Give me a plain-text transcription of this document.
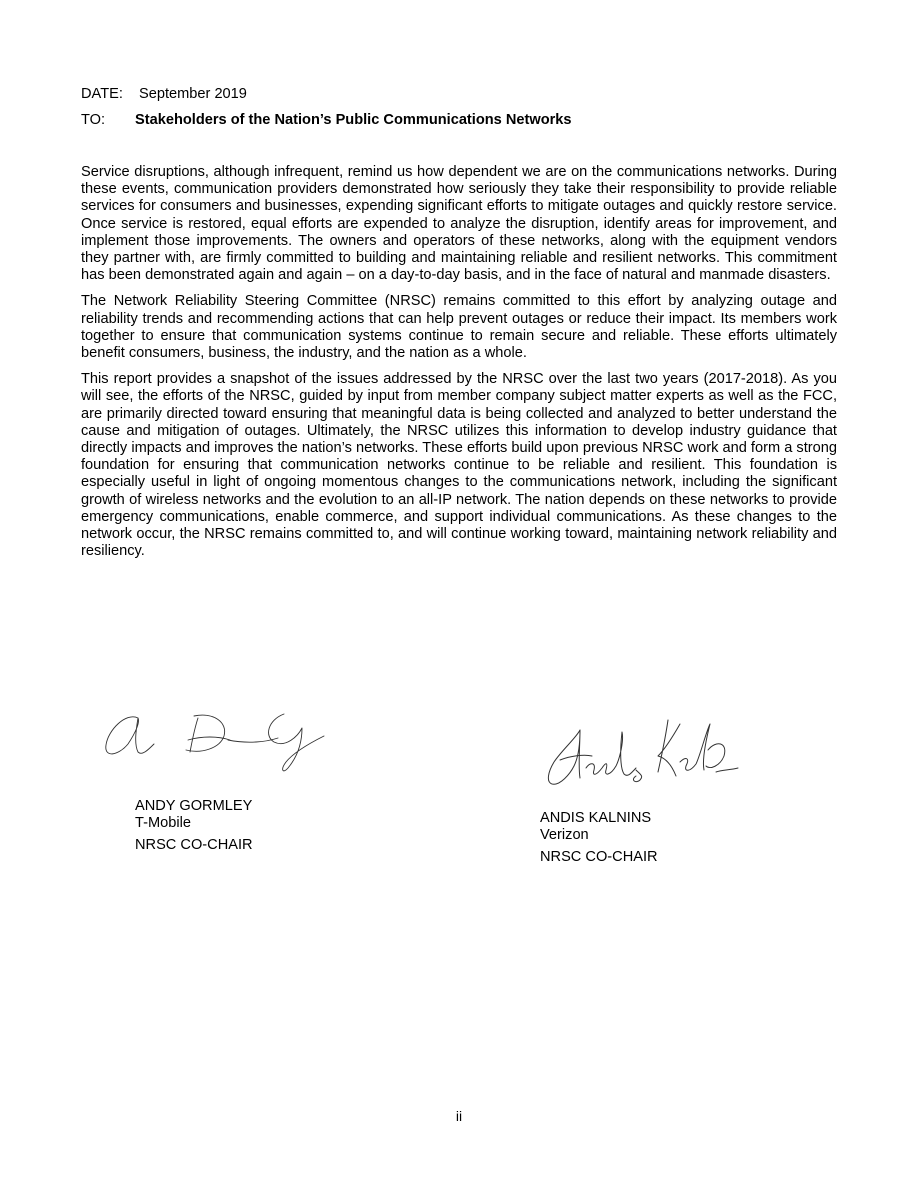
DATE: September 2019
TO: Stakeholders of the Nation’s Public Communications Networks

Service disruptions, although infrequent, remind us how dependent we are on the communications networks. During these events, communication providers demonstrated how seriously they take their responsibility to provide reliable services for consumers and businesses, expending significant efforts to mitigate outages and quickly restore service. Once service is restored, equal efforts are expended to analyze the disruption, identify areas for improvement, and implement those improvements. The owners and operators of these networks, along with the equipment vendors they partner with, are firmly committed to building and maintaining reliable and resilient networks. This commitment has been demonstrated again and again – on a day-to-day basis, and in the face of natural and manmade disasters.

The Network Reliability Steering Committee (NRSC) remains committed to this effort by analyzing outage and reliability trends and recommending actions that can help prevent outages or reduce their impact. Its members work together to ensure that communication systems continue to remain secure and reliable. These efforts ultimately benefit consumers, business, the industry, and the nation as a whole.

This report provides a snapshot of the issues addressed by the NRSC over the last two years (2017-2018). As you will see, the efforts of the NRSC, guided by input from member company subject matter experts as well as the FCC, are primarily directed toward ensuring that meaningful data is being collected and analyzed to better understand the cause and mitigation of outages. Ultimately, the NRSC utilizes this information to develop industry guidance that directly impacts and improves the nation’s networks. These efforts build upon previous NRSC work and form a strong foundation for ensuring that communication networks continue to be reliable and resilient. This foundation is especially useful in light of ongoing momentous changes to the communications network, including the significant growth of wireless networks and the evolution to an all-IP network. The nation depends on these networks to provide emergency communications, enable commerce, and support individual communications. As these changes to the network occur, the NRSC remains committed to, and will continue working toward, maintaining network reliability and resiliency.

ANDY GORMLEY
T-Mobile
NRSC CO-CHAIR
ANDIS KALNINS
Verizon
NRSC CO-CHAIR
ii
